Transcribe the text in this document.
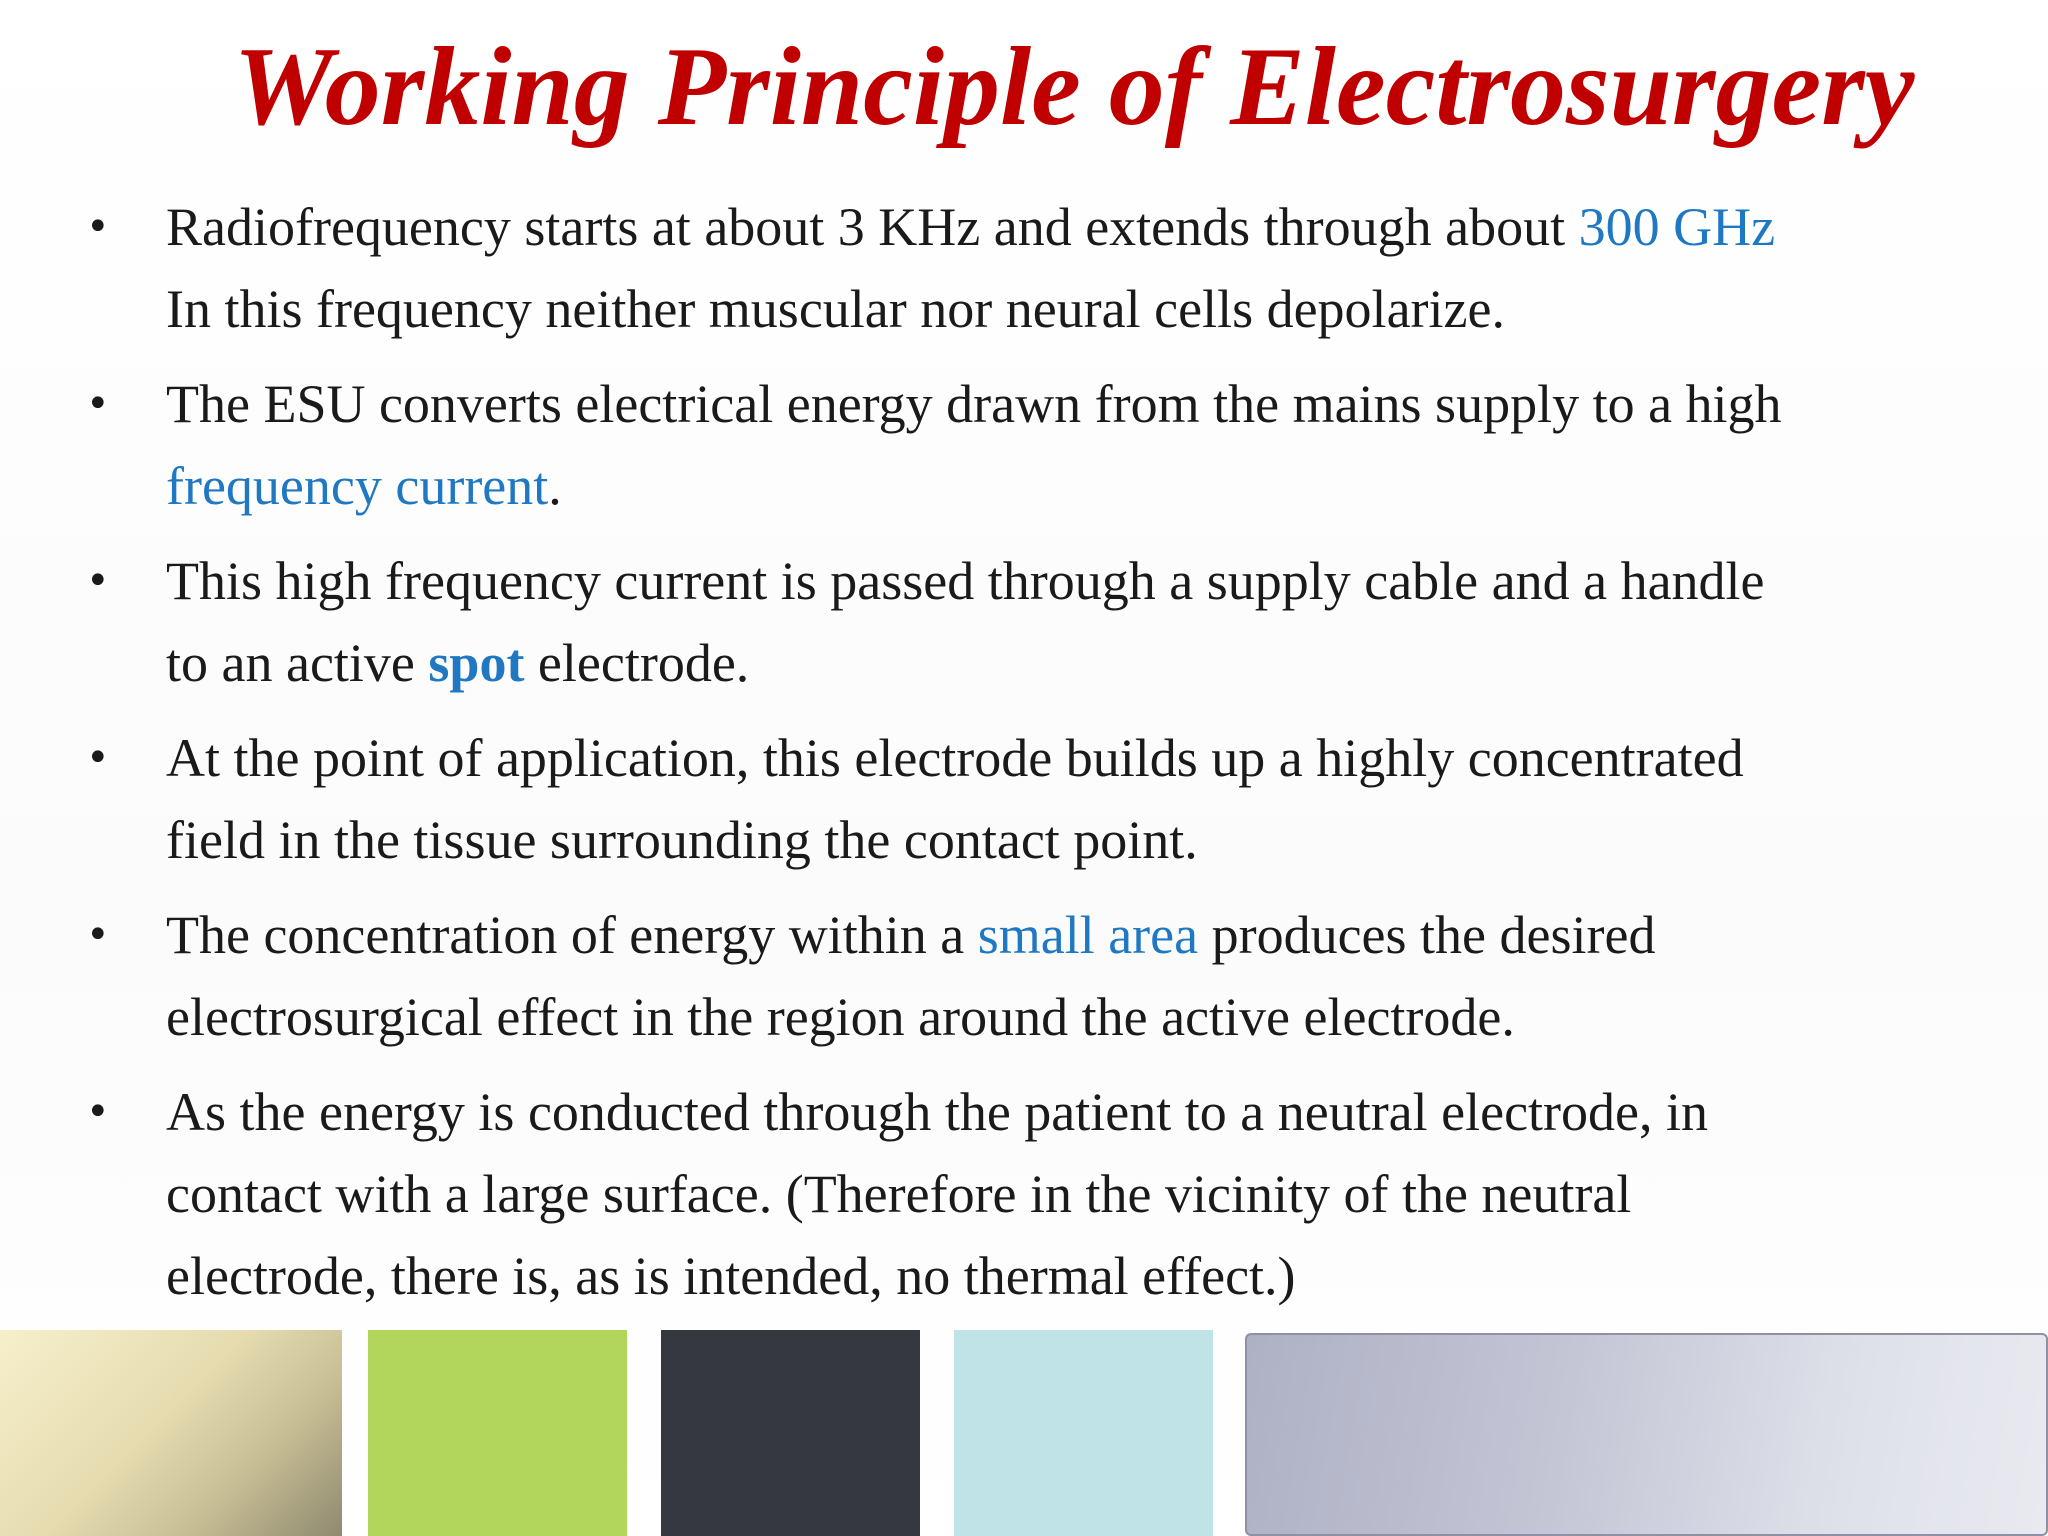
Working Principle of Electrosurgery
• Radiofrequency starts at about 3 KHz and extends through about 300 GHz
In this frequency neither muscular nor neural cells depolarize.
• The ESU converts electrical energy drawn from the mains supply to a high
frequency current.
• This high frequency current is passed through a supply cable and a handle
to an active spot electrode.
• At the point of application, this electrode builds up a highly concentrated
field in the tissue surrounding the contact point.
• The concentration of energy within a small area produces the desired
electrosurgical effect in the region around the active electrode.
• As the energy is conducted through the patient to a neutral electrode, in
contact with a large surface. (Therefore in the vicinity of the neutral
electrode, there is, as is intended, no thermal effect.)
